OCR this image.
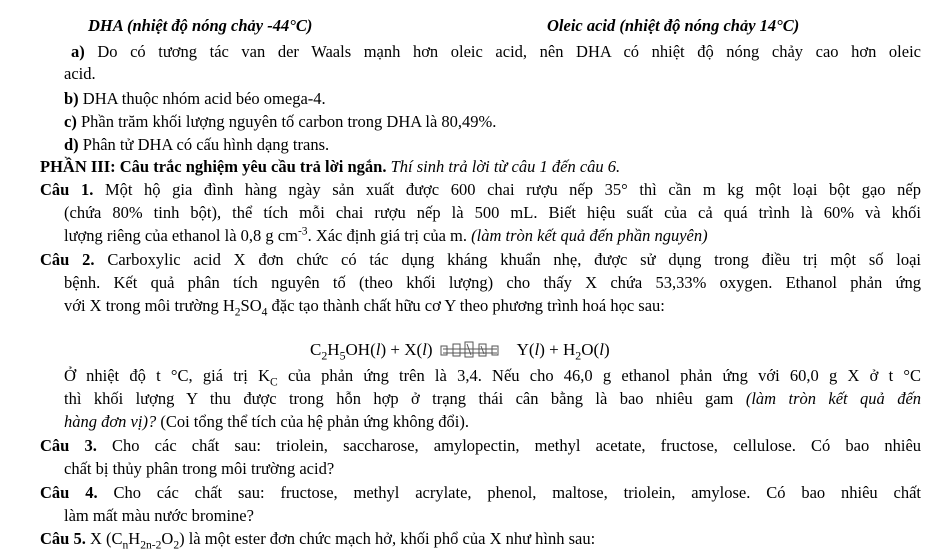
DHA (nhiệt độ nóng chảy -44°C)	Oleic acid (nhiệt độ nóng chảy 14°C)
a) Do có tương tác van der Waals mạnh hơn oleic acid, nên DHA có nhiệt độ nóng chảy cao hơn oleic
acid.
b) DHA thuộc nhóm acid béo omega-4.
c) Phần trăm khối lượng nguyên tố carbon trong DHA là 80,49%.
d) Phân tử DHA có cấu hình dạng trans.
PHẦN III: Câu trắc nghiệm yêu cầu trả lời ngắn. Thí sinh trả lời từ câu 1 đến câu 6.
Câu 1. Một hộ gia đình hàng ngày sản xuất được 600 chai rượu nếp 35° thì cần m kg một loại bột gạo nếp
(chứa 80% tinh bột), thể tích mỗi chai rượu nếp là 500 mL. Biết hiệu suất của cả quá trình là 60% và khối
lượng riêng của ethanol là 0,8 g $cm^{-3}$. Xác định giá trị của m. (làm tròn kết quả đến phần nguyên)
Câu 2. Carboxylic acid X đơn chức có tác dụng kháng khuẩn nhẹ, được sử dụng trong điều trị một số loại
bệnh. Kết quả phân tích nguyên tố (theo khối lượng) cho thấy X chứa 53,33% oxygen. Ethanol phản ứng
với X trong môi trường $H_2SO_4$ đặc tạo thành chất hữu cơ Y theo phương trình hoá học sau:
$C_2H_5OH(l) + X(l)$	$Y(l) + H_2O(l)$
Ở nhiệt độ t °C, giá trị $K_C$ của phản ứng trên là 3,4. Nếu cho 46,0 g ethanol phản ứng với 60,0 g X ở t °C
thì khối lượng Y thu được trong hỗn hợp ở trạng thái cân bằng là bao nhiêu gam (làm tròn kết quả đến
hàng đơn vị)? (Coi tổng thể tích của hệ phản ứng không đổi).
Câu 3. Cho các chất sau: triolein, saccharose, amylopectin, methyl acetate, fructose, cellulose. Có bao nhiêu
chất bị thủy phân trong môi trường acid?
Câu 4. Cho các chất sau: fructose, methyl acrylate, phenol, maltose, triolein, amylose. Có bao nhiêu chất
làm mất màu nước bromine?
Câu 5. X $(C_nH_{2n-2}O_2)$ là một ester đơn chức mạch hở, khối phổ của X như hình sau:
